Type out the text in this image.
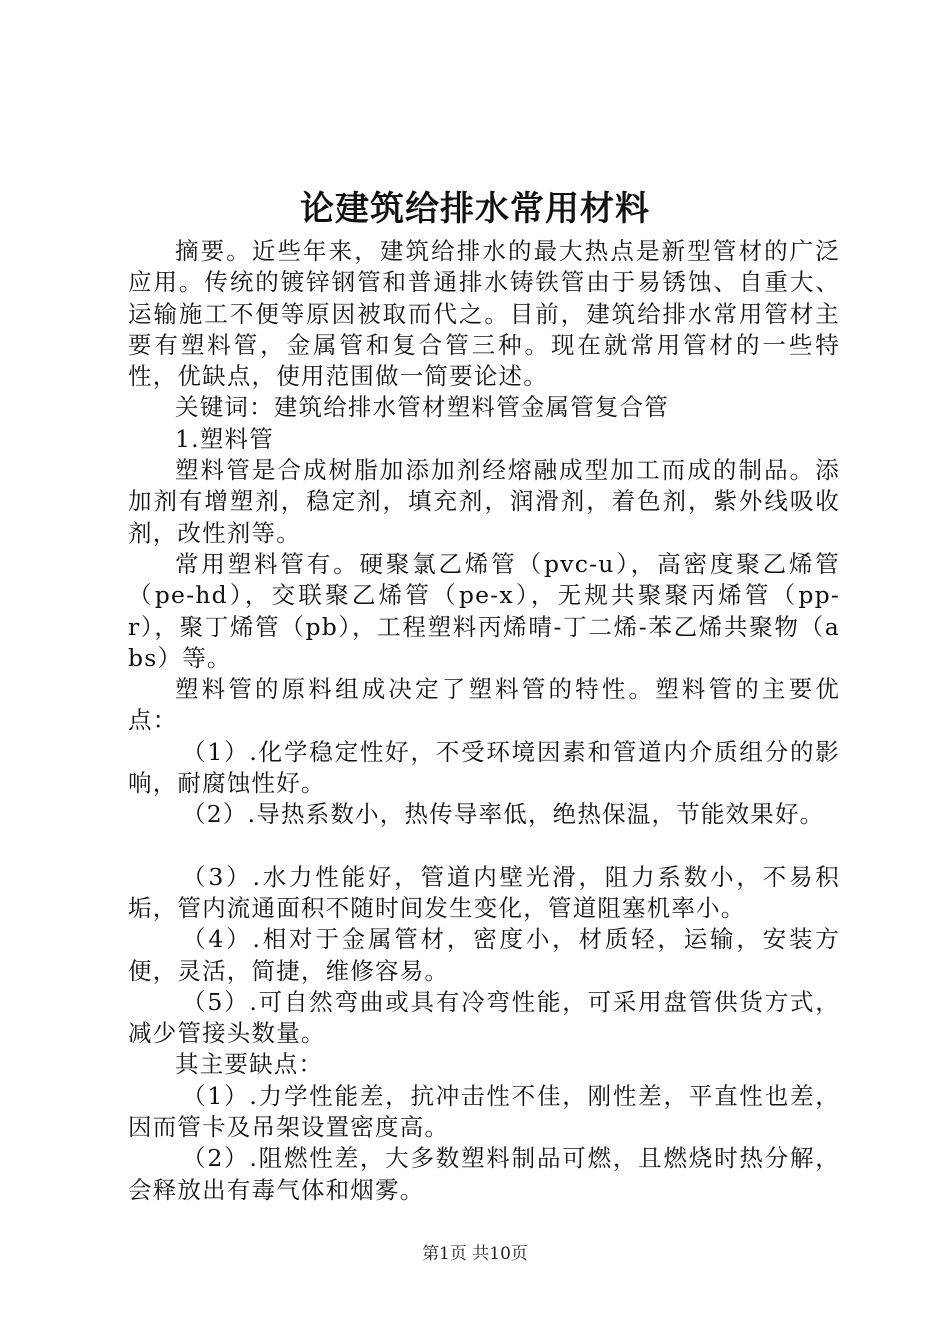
论建筑给排水常用材料

摘要。近些年来，建筑给排水的最大热点是新型管材的广泛应用。传统的镀锌钢管和普通排水铸铁管由于易锈蚀、自重大、运输施工不便等原因被取而代之。目前，建筑给排水常用管材主要有塑料管，金属管和复合管三种。现在就常用管材的一些特性，优缺点，使用范围做一简要论述。

关键词：建筑给排水管材塑料管金属管复合管

1.塑料管

塑料管是合成树脂加添加剂经熔融成型加工而成的制品。添加剂有增塑剂，稳定剂，填充剂，润滑剂，着色剂，紫外线吸收剂，改性剂等。

常用塑料管有。硬聚氯乙烯管（pvc-u），高密度聚乙烯管（pe-hd），交联聚乙烯管（pe-x），无规共聚聚丙烯管（pp-r），聚丁烯管（pb），工程塑料丙烯晴-丁二烯-苯乙烯共聚物（abs）等。

塑料管的原料组成决定了塑料管的特性。塑料管的主要优点：

（1）.化学稳定性好，不受环境因素和管道内介质组分的影响，耐腐蚀性好。

（2）.导热系数小，热传导率低，绝热保温，节能效果好。

（3）.水力性能好，管道内壁光滑，阻力系数小，不易积垢，管内流通面积不随时间发生变化，管道阻塞机率小。

（4）.相对于金属管材，密度小，材质轻，运输，安装方便，灵活，简捷，维修容易。

（5）.可自然弯曲或具有冷弯性能，可采用盘管供货方式，减少管接头数量。

其主要缺点：

（1）.力学性能差，抗冲击性不佳，刚性差，平直性也差，因而管卡及吊架设置密度高。

（2）.阻燃性差，大多数塑料制品可燃，且燃烧时热分解，会释放出有毒气体和烟雾。

第1页 共10页
